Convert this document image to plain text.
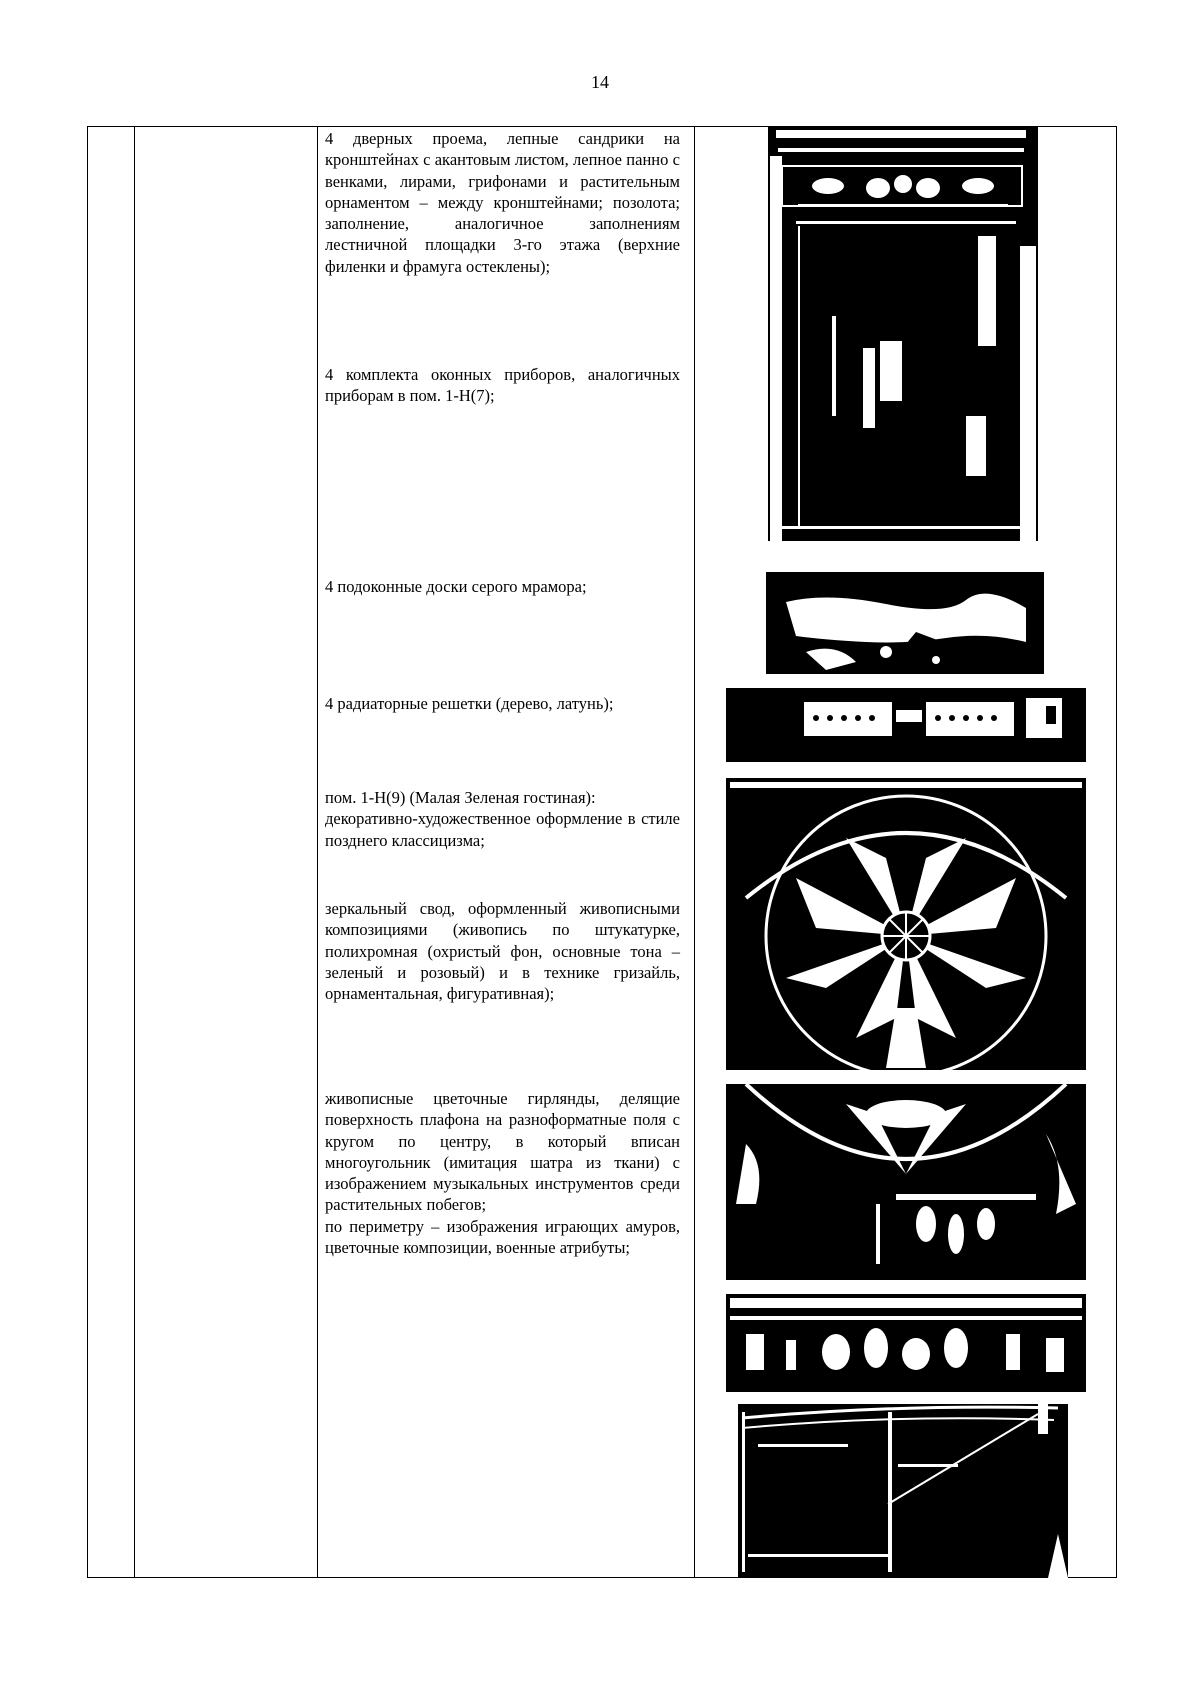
14
4 дверных проема, лепные сандрики на кронштейнах с акантовым листом, лепное панно с венками, лирами, грифонами и растительным орнаментом – между кронштейнами; позолота; заполнение, аналогичное заполнениям лестничной площадки 3-го этажа (верхние филенки и фрамуга остеклены);
4 комплекта оконных приборов, аналогичных приборам в пом. 1-Н(7);
4 подоконные доски серого мрамора;
4 радиаторные решетки (дерево, латунь);
пом. 1-Н(9) (Малая Зеленая гостиная):
декоративно-художественное оформление в стиле позднего классицизма;
зеркальный свод, оформленный живописными композициями (живопись по штукатурке, полихромная (охристый фон, основные тона – зеленый и розовый) и в технике гризайль, орнаментальная, фигуративная);
живописные цветочные гирлянды, делящие поверхность плафона на разноформатные поля с кругом по центру, в который вписан многоугольник (имитация шатра из ткани) с изображением музыкальных инструментов среди растительных побегов;
по периметру – изображения играющих амуров, цветочные композиции, военные атрибуты;
